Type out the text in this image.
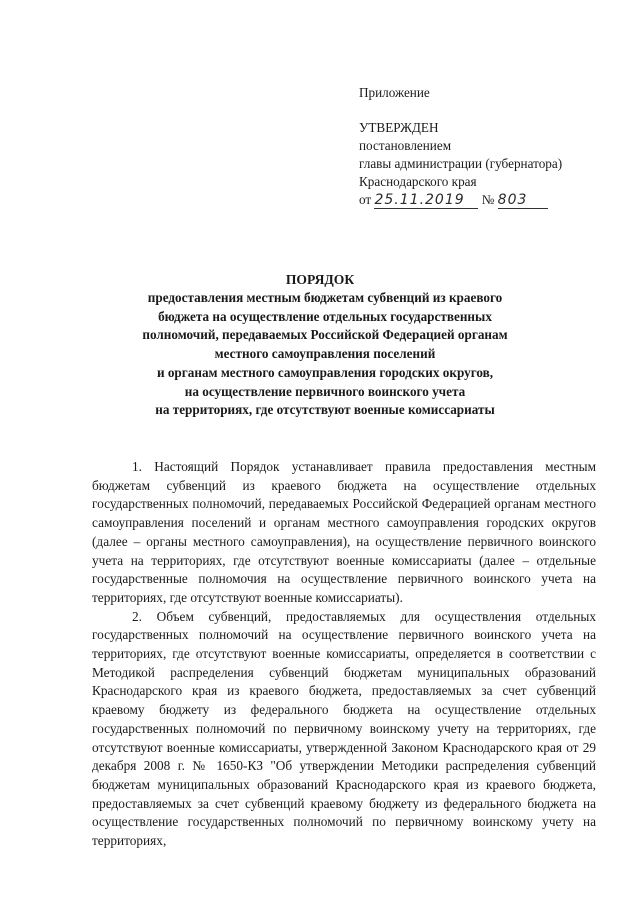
Приложение
УТВЕРЖДЕН
постановлением
главы администрации (губернатора)
Краснодарского края
от 25.11.2019 № 803
ПОРЯДОК
предоставления местным бюджетам субвенций из краевого
бюджета на осуществление отдельных государственных
полномочий, передаваемых Российской Федерацией органам
местного самоуправления поселений
и органам местного самоуправления городских округов,
на осуществление первичного воинского учета
на территориях, где отсутствуют военные комиссариаты

1. Настоящий Порядок устанавливает правила предоставления местным бюджетам субвенций из краевого бюджета на осуществление отдельных государственных полномочий, передаваемых Российской Федерацией органам местного самоуправления поселений и органам местного самоуправления городских округов (далее – органы местного самоуправления), на осуществление первичного воинского учета на территориях, где отсутствуют военные комиссариаты (далее – отдельные государственные полномочия на осуществление первичного воинского учета на территориях, где отсутствуют военные комиссариаты).

2. Объем субвенций, предоставляемых для осуществления отдельных государственных полномочий на осуществление первичного воинского учета на территориях, где отсутствуют военные комиссариаты, определяется в соответствии с Методикой распределения субвенций бюджетам муниципальных образований Краснодарского края из краевого бюджета, предоставляемых за счет субвенций краевому бюджету из федерального бюджета на осуществление отдельных государственных полномочий по первичному воинскому учету на территориях, где отсутствуют военные комиссариаты, утвержденной Законом Краснодарского края от 29 декабря 2008 г. № 1650-КЗ "Об утверждении Методики распределения субвенций бюджетам муниципальных образований Краснодарского края из краевого бюджета, предоставляемых за счет субвенций краевому бюджету из федерального бюджета на осуществление государственных полномочий по первичному воинскому учету на территориях,
